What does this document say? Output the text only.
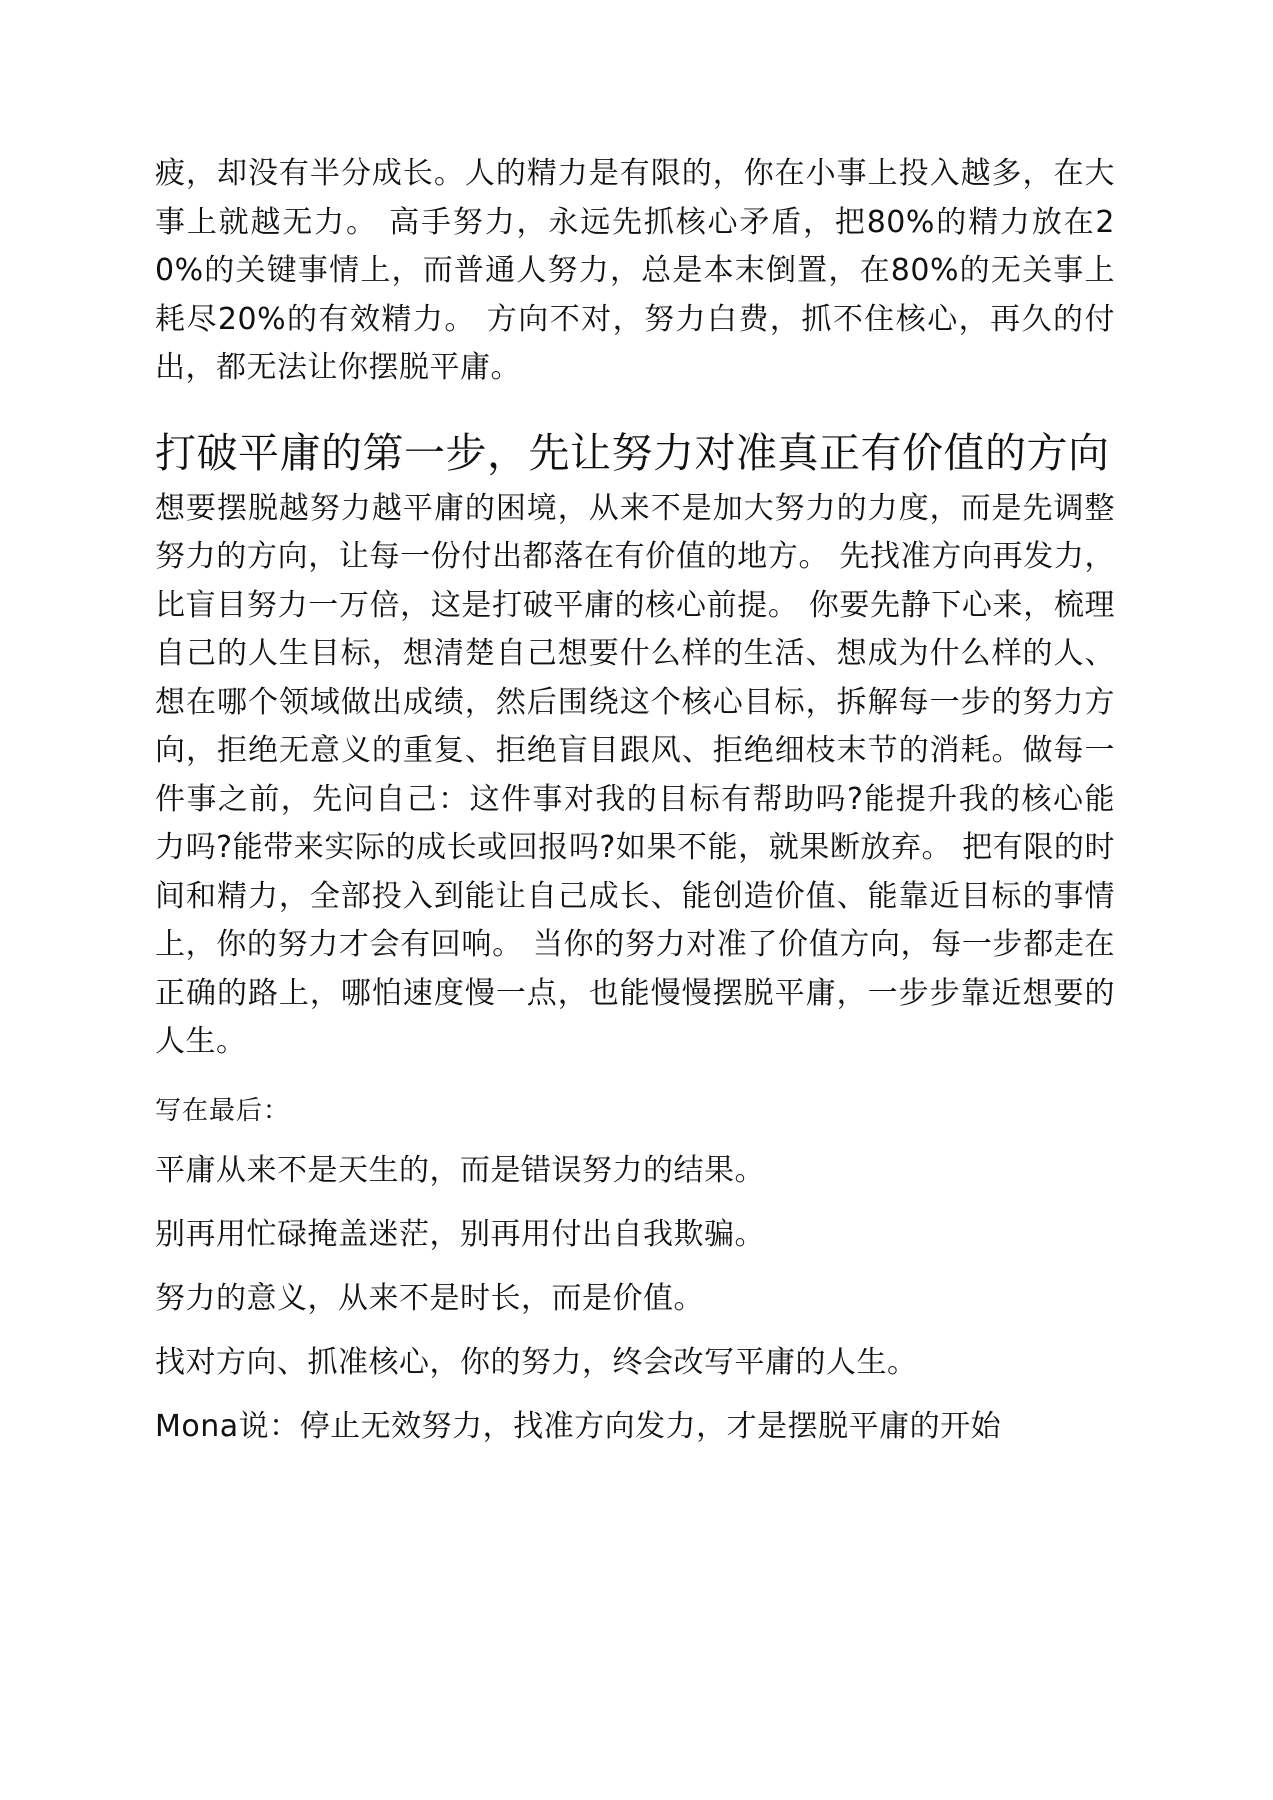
疲，却没有半分成长。人的精力是有限的，你在小事上投入越多，在大事上就越无力。 高手努力，永远先抓核心矛盾，把80%的精力放在20%的关键事情上，而普通人努力，总是本末倒置，在80%的无关事上耗尽20%的有效精力。 方向不对，努力白费，抓不住核心，再久的付出，都无法让你摆脱平庸。

打破平庸的第一步，先让努力对准真正有价值的方向

想要摆脱越努力越平庸的困境，从来不是加大努力的力度，而是先调整努力的方向，让每一份付出都落在有价值的地方。 先找准方向再发力，比盲目努力一万倍，这是打破平庸的核心前提。 你要先静下心来，梳理自己的人生目标，想清楚自己想要什么样的生活、想成为什么样的人、想在哪个领域做出成绩，然后围绕这个核心目标，拆解每一步的努力方向，拒绝无意义的重复、拒绝盲目跟风、拒绝细枝末节的消耗。做每一件事之前，先问自己：这件事对我的目标有帮助吗?能提升我的核心能力吗?能带来实际的成长或回报吗?如果不能，就果断放弃。 把有限的时间和精力，全部投入到能让自己成长、能创造价值、能靠近目标的事情上，你的努力才会有回响。 当你的努力对准了价值方向，每一步都走在正确的路上，哪怕速度慢一点，也能慢慢摆脱平庸，一步步靠近想要的人生。

写在最后：
平庸从来不是天生的，而是错误努力的结果。
别再用忙碌掩盖迷茫，别再用付出自我欺骗。
努力的意义，从来不是时长，而是价值。
找对方向、抓准核心，你的努力，终会改写平庸的人生。
Mona说：停止无效努力，找准方向发力，才是摆脱平庸的开始
